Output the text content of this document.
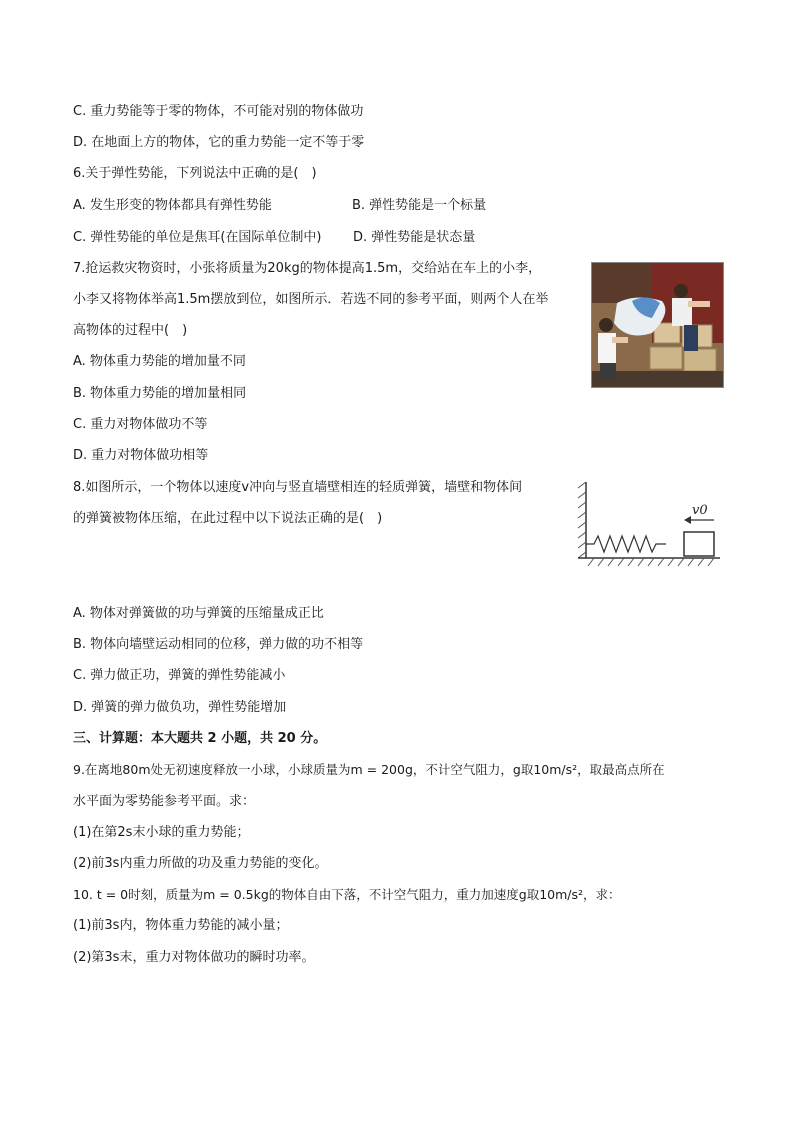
C. 重力势能等于零的物体，不可能对别的物体做功
D. 在地面上方的物体，它的重力势能一定不等于零
6.关于弹性势能，下列说法中正确的是(　)
A. 发生形变的物体都具有弹性势能	B. 弹性势能是一个标量
C. 弹性势能的单位是焦耳(在国际单位制中) D. 弹性势能是状态量
7.抢运救灾物资时，小张将质量为20kg的物体提高1.5m，交给站在车上的小李，
小李又将物体举高1.5m摆放到位，如图所示．若选不同的参考平面，则两个人在举
高物体的过程中(　)
A. 物体重力势能的增加量不同
B. 物体重力势能的增加量相同
C. 重力对物体做功不等
D. 重力对物体做功相等
8.如图所示，一个物体以速度v冲向与竖直墙壁相连的轻质弹簧，墙壁和物体间
的弹簧被物体压缩，在此过程中以下说法正确的是(　)
v0
A. 物体对弹簧做的功与弹簧的压缩量成正比
B. 物体向墙壁运动相同的位移，弹力做的功不相等
C. 弹力做正功，弹簧的弹性势能减小
D. 弹簧的弹力做负功，弹性势能增加
三、计算题：本大题共 2 小题，共 20 分。
9.在离地80m处无初速度释放一小球，小球质量为m = 200g，不计空气阻力，g取10m/s²，取最高点所在
水平面为零势能参考平面。求：
(1)在第2s末小球的重力势能；
(2)前3s内重力所做的功及重力势能的变化。
10. t = 0时刻，质量为m = 0.5kg的物体自由下落，不计空气阻力，重力加速度g取10m/s²，求：
(1)前3s内，物体重力势能的减小量；
(2)第3s末，重力对物体做功的瞬时功率。
